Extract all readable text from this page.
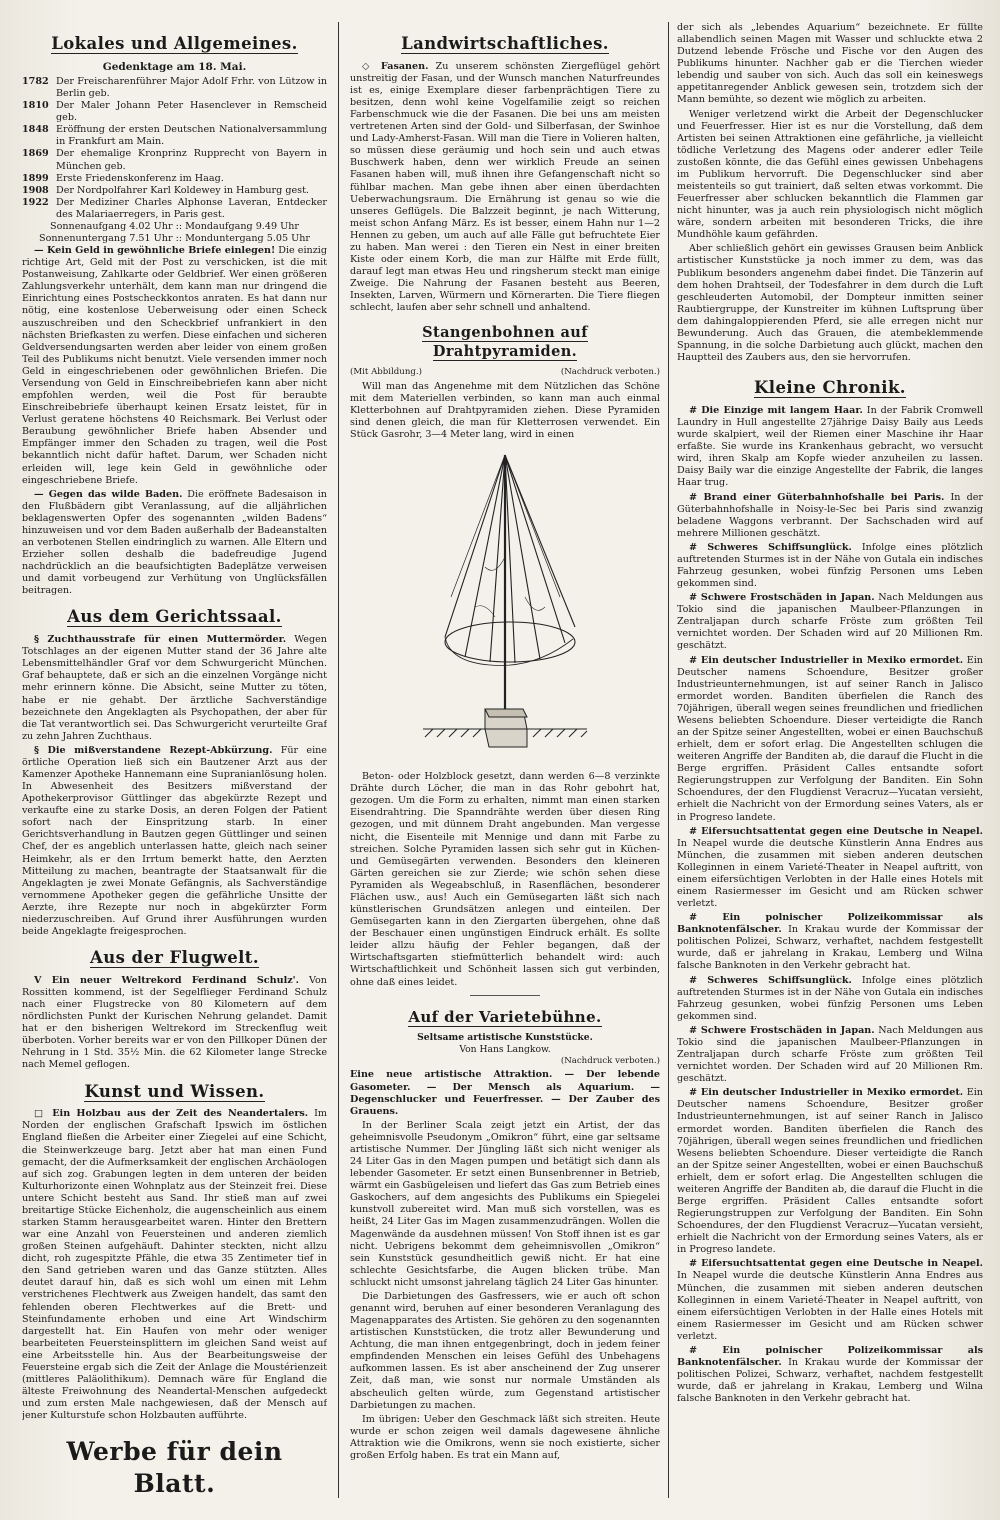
Lokales und Allgemeines.
Gedenktage am 18. Mai.
1782 Der Freischarenführer Major Adolf Frhr. von Lützow in Berlin geb.
1810 Der Maler Johann Peter Hasenclever in Remscheid geb.
1848 Eröffnung der ersten Deutschen Nationalversammlung in Frankfurt am Main.
1869 Der ehemalige Kronprinz Rupprecht von Bayern in München geb.
1899 Erste Friedenskonferenz im Haag.
1908 Der Nordpolfahrer Karl Koldewey in Hamburg gest.
1922 Der Mediziner Charles Alphonse Laveran, Entdecker des Malariaerregers, in Paris gest.
Sonnenaufgang 4.02 Uhr :: Mondaufgang 9.49 Uhr
Sonnenuntergang 7.51 Uhr :: Monduntergang 5.05 Uhr

— Kein Geld in gewöhnliche Briefe einlegen! Die einzig richtige Art, Geld mit der Post zu verschicken, ist die mit Postanweisung, Zahlkarte oder Geldbrief. Wer einen größeren Zahlungsverkehr unterhält, dem kann man nur dringend die Einrichtung eines Postscheckkontos anraten. Es hat dann nur nötig, eine kostenlose Ueberweisung oder einen Scheck auszuschreiben und den Scheckbrief unfrankiert in den nächsten Briefkasten zu werfen. Diese einfachen und sicheren Geldversendungsarten werden aber leider von einem großen Teil des Publikums nicht benutzt. Viele versenden immer noch Geld in eingeschriebenen oder gewöhnlichen Briefen. Die Versendung von Geld in Einschreibebriefen kann aber nicht empfohlen werden, weil die Post für beraubte Einschreibebriefe überhaupt keinen Ersatz leistet, für in Verlust geratene höchstens 40 Reichsmark. Bei Verlust oder Beraubung gewöhnlicher Briefe haben Absender und Empfänger immer den Schaden zu tragen, weil die Post bekanntlich nicht dafür haftet. Darum, wer Schaden nicht erleiden will, lege kein Geld in gewöhnliche oder eingeschriebene Briefe.

— Gegen das wilde Baden. Die eröffnete Badesaison in den Flußbädern gibt Veranlassung, auf die alljährlichen beklagenswerten Opfer des sogenannten „wilden Badens“ hinzuweisen und vor dem Baden außerhalb der Badeanstalten an verbotenen Stellen eindringlich zu warnen. Alle Eltern und Erzieher sollen deshalb die badefreudige Jugend nachdrücklich an die beaufsichtigten Badeplätze verweisen und damit vorbeugend zur Verhütung von Unglücksfällen beitragen.

Aus dem Gerichtssaal.

§ Zuchthausstrafe für einen Muttermörder. Wegen Totschlages an der eigenen Mutter stand der 36 Jahre alte Lebensmittelhändler Graf vor dem Schwurgericht München. Graf behauptete, daß er sich an die einzelnen Vorgänge nicht mehr erinnern könne. Die Absicht, seine Mutter zu töten, habe er nie gehabt. Der ärztliche Sachverständige bezeichnete den Angeklagten als Psychopathen, der aber für die Tat verantwortlich sei. Das Schwurgericht verurteilte Graf zu zehn Jahren Zuchthaus.

§ Die mißverstandene Rezept-Abkürzung. Für eine örtliche Operation ließ sich ein Bautzener Arzt aus der Kamenzer Apotheke Hannemann eine Supranianlösung holen. In Abwesenheit des Besitzers mißverstand der Apothekerprovisor Güttlinger das abgekürzte Rezept und verkaufte eine zu starke Dosis, an deren Folgen der Patient sofort nach der Einspritzung starb. In einer Gerichtsverhandlung in Bautzen gegen Güttlinger und seinen Chef, der es angeblich unterlassen hatte, gleich nach seiner Heimkehr, als er den Irrtum bemerkt hatte, den Aerzten Mitteilung zu machen, beantragte der Staatsanwalt für die Angeklagten je zwei Monate Gefängnis, als Sachverständige vernommene Apotheker gegen die gefährliche Unsitte der Aerzte, ihre Rezepte nur noch in abgekürzter Form niederzuschreiben. Auf Grund ihrer Ausführungen wurden beide Angeklagte freigesprochen.

Aus der Flugwelt.

V Ein neuer Weltrekord Ferdinand Schulz'. Von Rossitten kommend, ist der Segelflieger Ferdinand Schulz nach einer Flugstrecke von 80 Kilometern auf dem nördlichsten Punkt der Kurischen Nehrung gelandet. Damit hat er den bisherigen Weltrekord im Streckenflug weit überboten. Vorher bereits war er von den Pillkoper Dünen der Nehrung in 1 Std. 35½ Min. die 62 Kilometer lange Strecke nach Memel geflogen.

Kunst und Wissen.

□ Ein Holzbau aus der Zeit des Neandertalers. Im Norden der englischen Grafschaft Ipswich im östlichen England fließen die Arbeiter einer Ziegelei auf eine Schicht, die Steinwerkzeuge barg. Jetzt aber hat man einen Fund gemacht, der die Aufmerksamkeit der englischen Archäologen auf sich zog. Grabungen legten in dem unteren der beiden Kulturhorizonte einen Wohnplatz aus der Steinzeit frei. Diese untere Schicht besteht aus Sand. Ihr stieß man auf zwei breitartige Stücke Eichenholz, die augenscheinlich aus einem starken Stamm herausgearbeitet waren. Hinter den Brettern war eine Anzahl von Feuersteinen und anderen ziemlich großen Steinen aufgehäuft. Dahinter steckten, nicht allzu dicht, roh zugespitzte Pfähle, die etwa 35 Zentimeter tief in den Sand getrieben waren und das Ganze stützten. Alles deutet darauf hin, daß es sich wohl um einen mit Lehm verstrichenes Flechtwerk aus Zweigen handelt, das samt den fehlenden oberen Flechtwerkes auf die Brett- und Steinfundamente erhoben und eine Art Windschirm dargestellt hat. Ein Haufen von mehr oder weniger bearbeiteten Feuersteinsplittern im gleichen Sand weist auf eine Arbeitsstelle hin. Aus der Bearbeitungsweise der Feuersteine ergab sich die Zeit der Anlage die Moustérienzeit (mittleres Paläolithikum). Demnach wäre für England die älteste Freiwohnung des Neandertal-Menschen aufgedeckt und zum ersten Male nachgewiesen, daß der Mensch auf jener Kulturstufe schon Holzbauten aufführte.

Werbe für dein Blatt.
Landwirtschaftliches.

◇ Fasanen. Zu unserem schönsten Ziergeflügel gehört unstreitig der Fasan, und der Wunsch manchen Naturfreundes ist es, einige Exemplare dieser farbenprächtigen Tiere zu besitzen, denn wohl keine Vogelfamilie zeigt so reichen Farbenschmuck wie die der Fasanen. Die bei uns am meisten vertretenen Arten sind der Gold- und Silberfasan, der Swinhoe und Lady-Amherst-Fasan. Will man die Tiere in Volieren halten, so müssen diese geräumig und hoch sein und auch etwas Buschwerk haben, denn wer wirklich Freude an seinen Fasanen haben will, muß ihnen ihre Gefangenschaft nicht so fühlbar machen. Man gebe ihnen aber einen überdachten Ueberwachungsraum. Die Ernährung ist genau so wie die unseres Geflügels. Die Balzzeit beginnt, je nach Witterung, meist schon Anfang März. Es ist besser, einem Hahn nur 1—2 Hennen zu geben, um auch auf alle Fälle gut befruchtete Eier zu haben. Man werei : den Tieren ein Nest in einer breiten Kiste oder einem Korb, die man zur Hälfte mit Erde füllt, darauf legt man etwas Heu und ringsherum steckt man einige Zweige. Die Nahrung der Fasanen besteht aus Beeren, Insekten, Larven, Würmern und Körnerarten. Die Tiere fliegen schlecht, laufen aber sehr schnell und anhaltend.

Stangenbohnen auf Drahtpyramiden.
(Mit Abbildung.)	(Nachdruck verboten.)

Will man das Angenehme mit dem Nützlichen das Schöne mit dem Materiellen verbinden, so kann man auch einmal Kletterbohnen auf Drahtpyramiden ziehen. Diese Pyramiden sind denen gleich, die man für Kletterrosen verwendet. Ein Stück Gasrohr, 3—4 Meter lang, wird in einen

Beton- oder Holzblock gesetzt, dann werden 6—8 verzinkte Drähte durch Löcher, die man in das Rohr gebohrt hat, gezogen. Um die Form zu erhalten, nimmt man einen starken Eisendrahtring. Die Spanndrähte werden über diesen Ring gezogen, und mit dünnem Draht angebunden. Man vergesse nicht, die Eisenteile mit Mennige und dann mit Farbe zu streichen. Solche Pyramiden lassen sich sehr gut in Küchen- und Gemüsegärten verwenden. Besonders den kleineren Gärten gereichen sie zur Zierde; wie schön sehen diese Pyramiden als Wegeabschluß, in Rasenflächen, besonderer Flächen usw., aus! Auch ein Gemüsegarten läßt sich nach künstlerischen Grundsätzen anlegen und einteilen. Der Gemüsegarten kann in den Ziergarten übergehen, ohne daß der Beschauer einen ungünstigen Eindruck erhält. Es sollte leider allzu häufig der Fehler begangen, daß der Wirtschaftsgarten stiefmütterlich behandelt wird: auch Wirtschaftlichkeit und Schönheit lassen sich gut verbinden, ohne daß eines leidet.

Auf der Varietebühne.

Seltsame artistische Kunststücke.

Von Hans Langkow.

(Nachdruck verboten.)

Eine neue artistische Attraktion. — Der lebende Gasometer. — Der Mensch als Aquarium. — Degenschlucker und Feuerfresser. — Der Zauber des Grauens.

In der Berliner Scala zeigt jetzt ein Artist, der das geheimnisvolle Pseudonym „Omikron“ führt, eine gar seltsame artistische Nummer. Der Jüngling läßt sich nicht weniger als 24 Liter Gas in den Magen pumpen und betätigt sich dann als lebender Gasometer. Er setzt einen Bunsenbrenner in Betrieb, wärmt ein Gasbügeleisen und liefert das Gas zum Betrieb eines Gaskochers, auf dem angesichts des Publikums ein Spiegelei kunstvoll zubereitet wird. Man muß sich vorstellen, was es heißt, 24 Liter Gas im Magen zusammenzudrängen. Wollen die Magenwände da ausdehnen müssen! Von Stoff ihnen ist es gar nicht. Uebrigens bekommt dem geheimnisvollen „Omikron“ sein Kunststück gesundheitlich gewiß nicht. Er hat eine schlechte Gesichtsfarbe, die Augen blicken trübe. Man schluckt nicht umsonst jahrelang täglich 24 Liter Gas hinunter.

Die Darbietungen des Gasfressers, wie er auch oft schon genannt wird, beruhen auf einer besonderen Veranlagung des Magenapparates des Artisten. Sie gehören zu den sogenannten artistischen Kunststücken, die trotz aller Bewunderung und Achtung, die man ihnen entgegenbringt, doch in jedem feiner empfindenden Menschen ein leises Gefühl des Unbehagens aufkommen lassen. Es ist aber anscheinend der Zug unserer Zeit, daß man, wie sonst nur normale Umständen als abscheulich gelten würde, zum Gegenstand artistischer Darbietungen zu machen.

Im übrigen: Ueber den Geschmack läßt sich streiten. Heute wurde er schon zeigen weil damals dagewesene ähnliche Attraktion wie die Omikrons, wenn sie noch existierte, sicher großen Erfolg haben. Es trat ein Mann auf,

der sich als „lebendes Aquarium“ bezeichnete. Er füllte allabendlich seinen Magen mit Wasser und schluckte etwa 2 Dutzend lebende Frösche und Fische vor den Augen des Publikums hinunter. Nachher gab er die Tierchen wieder lebendig und sauber von sich. Auch das soll ein keineswegs appetitanregender Anblick gewesen sein, trotzdem sich der Mann bemühte, so dezent wie möglich zu arbeiten.

Weniger verletzend wirkt die Arbeit der Degenschlucker und Feuerfresser. Hier ist es nur die Vorstellung, daß dem Artisten bei seinen Attraktionen eine gefährliche, ja vielleicht tödliche Verletzung des Magens oder anderer edler Teile zustoßen könnte, die das Gefühl eines gewissen Unbehagens im Publikum hervorruft. Die Degenschlucker sind aber meistenteils so gut trainiert, daß selten etwas vorkommt. Die Feuerfresser aber schlucken bekanntlich die Flammen gar nicht hinunter, was ja auch rein physiologisch nicht möglich wäre, sondern arbeiten mit besonderen Tricks, die ihre Mundhöhle kaum gefährden.

Aber schließlich gehört ein gewisses Grausen beim Anblick artistischer Kunststücke ja noch immer zu dem, was das Publikum besonders angenehm dabei findet. Die Tänzerin auf dem hohen Drahtseil, der Todesfahrer in dem durch die Luft geschleuderten Automobil, der Dompteur inmitten seiner Raubtiergruppe, der Kunstreiter im kühnen Luftsprung über dem dahingaloppierenden Pferd, sie alle erregen nicht nur Bewunderung. Auch das Grauen, die atembeklemmende Spannung, in die solche Darbietung auch glückt, machen den Hauptteil des Zaubers aus, den sie hervorrufen.

Kleine Chronik.

# Die Einzige mit langem Haar. In der Fabrik Cromwell Laundry in Hull angestellte 27jährige Daisy Baily aus Leeds wurde skalpiert, weil der Riemen einer Maschine ihr Haar erfaßte. Sie wurde ins Krankenhaus gebracht, wo versucht wird, ihren Skalp am Kopfe wieder anzuheilen zu lassen. Daisy Baily war die einzige Angestellte der Fabrik, die langes Haar trug.

# Brand einer Güterbahnhofshalle bei Paris. In der Güterbahnhofshalle in Noisy-le-Sec bei Paris sind zwanzig beladene Waggons verbrannt. Der Sachschaden wird auf mehrere Millionen geschätzt.

# Schweres Schiffsunglück. Infolge eines plötzlich auftretenden Sturmes ist in der Nähe von Gutala ein indisches Fahrzeug gesunken, wobei fünfzig Personen ums Leben gekommen sind.

# Schwere Frostschäden in Japan. Nach Meldungen aus Tokio sind die japanischen Maulbeer-Pflanzungen in Zentraljapan durch scharfe Fröste zum größten Teil vernichtet worden. Der Schaden wird auf 20 Millionen Rm. geschätzt.

# Ein deutscher Industrieller in Mexiko ermordet. Ein Deutscher namens Schoendure, Besitzer großer Industrieunternehmungen, ist auf seiner Ranch in Jalisco ermordet worden. Banditen überfielen die Ranch des 70jährigen, überall wegen seines freundlichen und friedlichen Wesens beliebten Schoendure. Dieser verteidigte die Ranch an der Spitze seiner Angestellten, wobei er einen Bauchschuß erhielt, dem er sofort erlag. Die Angestellten schlugen die weiteren Angriffe der Banditen ab, die darauf die Flucht in die Berge ergriffen. Präsident Calles entsandte sofort Regierungstruppen zur Verfolgung der Banditen. Ein Sohn Schoendures, der den Flugdienst Veracruz—Yucatan versieht, erhielt die Nachricht von der Ermordung seines Vaters, als er in Progreso landete.

# Eifersuchtsattentat gegen eine Deutsche in Neapel. In Neapel wurde die deutsche Künstlerin Anna Endres aus München, die zusammen mit sieben anderen deutschen Kolleginnen in einem Varieté-Theater in Neapel auftritt, von einem eifersüchtigen Verlobten in der Halle eines Hotels mit einem Rasiermesser im Gesicht und am Rücken schwer verletzt.

# Ein polnischer Polizeikommissar als Banknotenfälscher. In Krakau wurde der Kommissar der politischen Polizei, Schwarz, verhaftet, nachdem festgestellt wurde, daß er jahrelang in Krakau, Lemberg und Wilna falsche Banknoten in den Verkehr gebracht hat.

# Schweres Schiffsunglück. Infolge eines plötzlich auftretenden Sturmes ist in der Nähe von Gutala ein indisches Fahrzeug gesunken, wobei fünfzig Personen ums Leben gekommen sind.

# Schwere Frostschäden in Japan. Nach Meldungen aus Tokio sind die japanischen Maulbeer-Pflanzungen in Zentraljapan durch scharfe Fröste zum größten Teil vernichtet worden. Der Schaden wird auf 20 Millionen Rm. geschätzt.

# Ein deutscher Industrieller in Mexiko ermordet. Ein Deutscher namens Schoendure, Besitzer großer Industrieunternehmungen, ist auf seiner Ranch in Jalisco ermordet worden. Banditen überfielen die Ranch des 70jährigen, überall wegen seines freundlichen und friedlichen Wesens beliebten Schoendure. Dieser verteidigte die Ranch an der Spitze seiner Angestellten, wobei er einen Bauchschuß erhielt, dem er sofort erlag. Die Angestellten schlugen die weiteren Angriffe der Banditen ab, die darauf die Flucht in die Berge ergriffen. Präsident Calles entsandte sofort Regierungstruppen zur Verfolgung der Banditen. Ein Sohn Schoendures, der den Flugdienst Veracruz—Yucatan versieht, erhielt die Nachricht von der Ermordung seines Vaters, als er in Progreso landete.

# Eifersuchtsattentat gegen eine Deutsche in Neapel. In Neapel wurde die deutsche Künstlerin Anna Endres aus München, die zusammen mit sieben anderen deutschen Kolleginnen in einem Varieté-Theater in Neapel auftritt, von einem eifersüchtigen Verlobten in der Halle eines Hotels mit einem Rasiermesser im Gesicht und am Rücken schwer verletzt.

# Ein polnischer Polizeikommissar als Banknotenfälscher. In Krakau wurde der Kommissar der politischen Polizei, Schwarz, verhaftet, nachdem festgestellt wurde, daß er jahrelang in Krakau, Lemberg und Wilna falsche Banknoten in den Verkehr gebracht hat.
